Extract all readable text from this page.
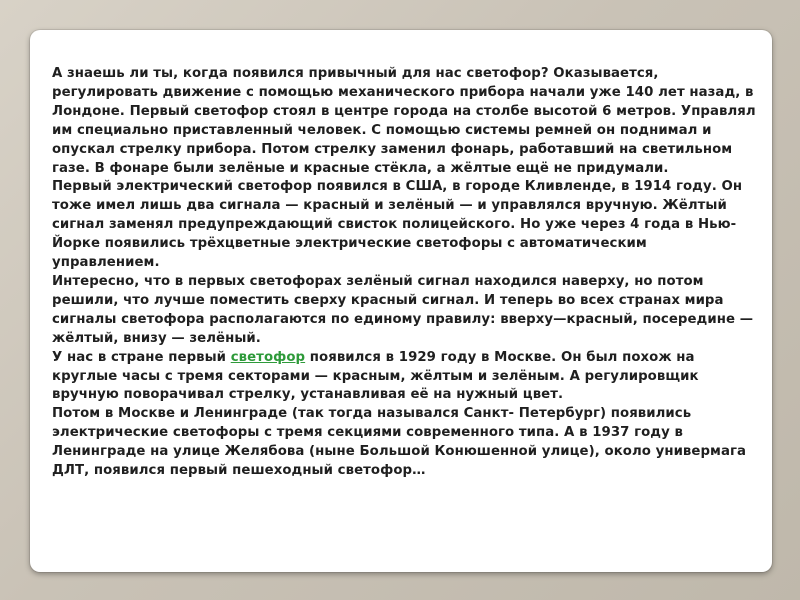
А знаешь ли ты, когда появился привычный для нас светофор? Оказывается, регулировать движение с помощью механического прибора начали уже 140 лет назад, в Лондоне. Первый светофор стоял в центре города на столбе высотой 6 метров. Управлял им специально приставленный человек. С помощью системы ремней он поднимал и опускал стрелку прибора. Потом стрелку заменил фонарь, работавший на светильном газе. В фонаре были зелёные и красные стёкла, а жёлтые ещё не придумали.

Первый электрический светофор появился в США, в городе Кливленде, в 1914 году. Он тоже имел лишь два сигнала — красный и зелёный — и управлялся вручную. Жёлтый сигнал заменял предупреждающий свисток полицейского. Но уже через 4 года в Нью-Йорке появились трёхцветные электрические светофоры с автоматическим управлением.

Интересно, что в первых светофорах зелёный сигнал находился наверху, но потом решили, что лучше поместить сверху красный сигнал. И теперь во всех странах мира сигналы светофора располагаются по единому правилу: вверху—красный, посередине — жёлтый, внизу — зелёный.

У нас в стране первый светофор появился в 1929 году в Москве. Он был похож на круглые часы с тремя секторами — красным, жёлтым и зелёным. А регулировщик вручную поворачивал стрелку, устанавливая её на нужный цвет.

Потом в Москве и Ленинграде (так тогда назывался Санкт- Петербург) появились электрические светофоры с тремя секциями современного типа. А в 1937 году в Ленинграде на улице Желябова (ныне Большой Конюшенной улице), около универмага ДЛТ, появился первый пешеходный светофор…
